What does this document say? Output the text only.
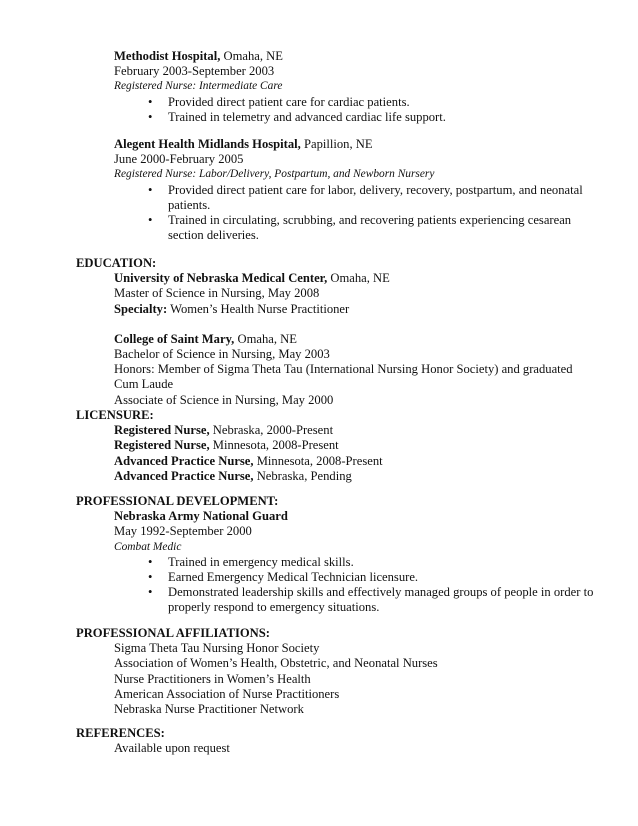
Methodist Hospital, Omaha, NE
February 2003-September 2003
Registered Nurse: Intermediate Care
• Provided direct patient care for cardiac patients.
• Trained in telemetry and advanced cardiac life support.
Alegent Health Midlands Hospital, Papillion, NE
June 2000-February 2005
Registered Nurse: Labor/Delivery, Postpartum, and Newborn Nursery
• Provided direct patient care for labor, delivery, recovery, postpartum, and neonatal
patients.
• Trained in circulating, scrubbing, and recovering patients experiencing cesarean
section deliveries.
EDUCATION:
University of Nebraska Medical Center, Omaha, NE
Master of Science in Nursing, May 2008
Specialty: Women’s Health Nurse Practitioner
College of Saint Mary, Omaha, NE
Bachelor of Science in Nursing, May 2003
Honors: Member of Sigma Theta Tau (International Nursing Honor Society) and graduated
Cum Laude
Associate of Science in Nursing, May 2000
LICENSURE:
Registered Nurse, Nebraska, 2000-Present
Registered Nurse, Minnesota, 2008-Present
Advanced Practice Nurse, Minnesota, 2008-Present
Advanced Practice Nurse, Nebraska, Pending
PROFESSIONAL DEVELOPMENT:
Nebraska Army National Guard
May 1992-September 2000
Combat Medic
• Trained in emergency medical skills.
• Earned Emergency Medical Technician licensure.
• Demonstrated leadership skills and effectively managed groups of people in order to
properly respond to emergency situations.
PROFESSIONAL AFFILIATIONS:
Sigma Theta Tau Nursing Honor Society
Association of Women’s Health, Obstetric, and Neonatal Nurses
Nurse Practitioners in Women’s Health
American Association of Nurse Practitioners
Nebraska Nurse Practitioner Network
REFERENCES:
Available upon request
